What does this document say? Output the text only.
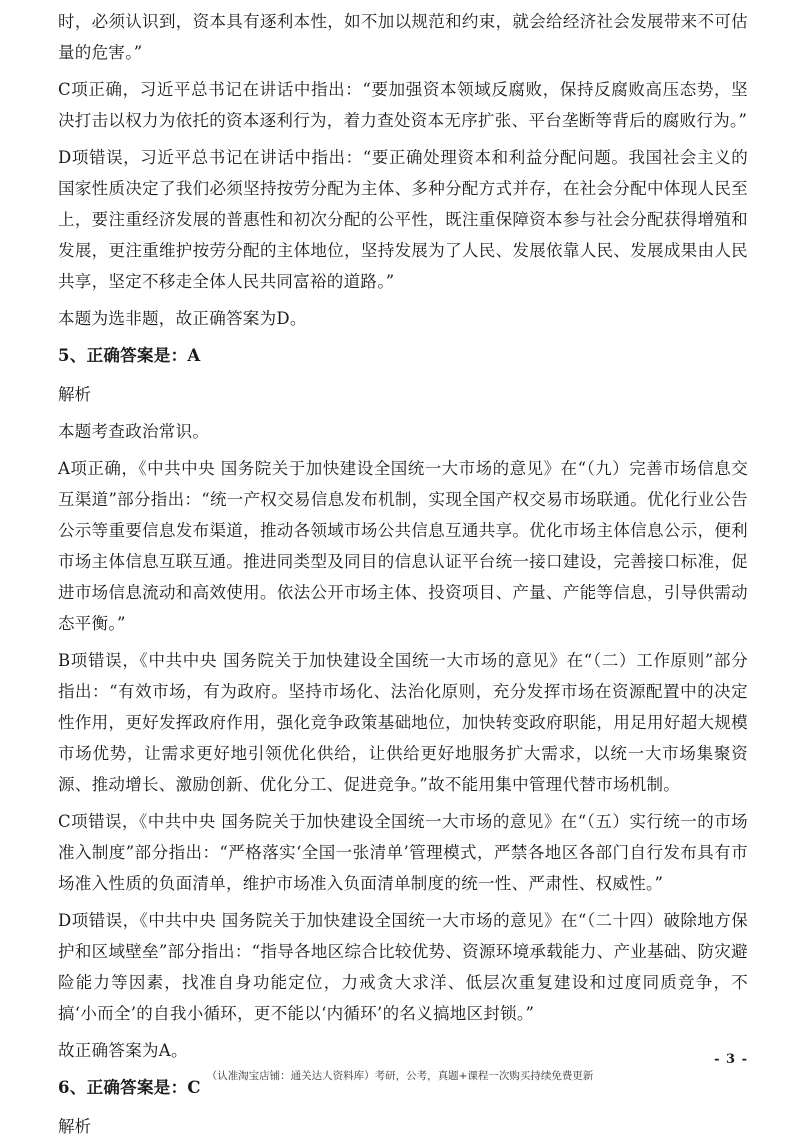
时，必须认识到，资本具有逐利本性，如不加以规范和约束，就会给经济社会发展带来不可估量的危害。”

C项正确，习近平总书记在讲话中指出：“要加强资本领域反腐败，保持反腐败高压态势，坚决打击以权力为依托的资本逐利行为，着力查处资本无序扩张、平台垄断等背后的腐败行为。”

D项错误，习近平总书记在讲话中指出：“要正确处理资本和利益分配问题。我国社会主义的国家性质决定了我们必须坚持按劳分配为主体、多种分配方式并存，在社会分配中体现人民至上，要注重经济发展的普惠性和初次分配的公平性，既注重保障资本参与社会分配获得增殖和发展，更注重维护按劳分配的主体地位，坚持发展为了人民、发展依靠人民、发展成果由人民共享，坚定不移走全体人民共同富裕的道路。”

本题为选非题，故正确答案为D。

5、正确答案是：A
解析

本题考查政治常识。

A项正确，《中共中央 国务院关于加快建设全国统一大市场的意见》在“（九）完善市场信息交互渠道”部分指出：“统一产权交易信息发布机制，实现全国产权交易市场联通。优化行业公告公示等重要信息发布渠道，推动各领域市场公共信息互通共享。优化市场主体信息公示，便利市场主体信息互联互通。推进同类型及同目的信息认证平台统一接口建设，完善接口标准，促进市场信息流动和高效使用。依法公开市场主体、投资项目、产量、产能等信息，引导供需动态平衡。”

B项错误，《中共中央 国务院关于加快建设全国统一大市场的意见》在“（二）工作原则”部分指出：“有效市场，有为政府。坚持市场化、法治化原则，充分发挥市场在资源配置中的决定性作用，更好发挥政府作用，强化竞争政策基础地位，加快转变政府职能，用足用好超大规模市场优势，让需求更好地引领优化供给，让供给更好地服务扩大需求，以统一大市场集聚资源、推动增长、激励创新、优化分工、促进竞争。”故不能用集中管理代替市场机制。

C项错误，《中共中央 国务院关于加快建设全国统一大市场的意见》在“（五）实行统一的市场准入制度”部分指出：“严格落实‘全国一张清单’管理模式，严禁各地区各部门自行发布具有市场准入性质的负面清单，维护市场准入负面清单制度的统一性、严肃性、权威性。”

D项错误，《中共中央 国务院关于加快建设全国统一大市场的意见》在“（二十四）破除地方保护和区域壁垒”部分指出：“指导各地区综合比较优势、资源环境承载能力、产业基础、防灾避险能力等因素，找准自身功能定位，力戒贪大求洋、低层次重复建设和过度同质竞争，不搞‘小而全’的自我小循环，更不能以‘内循环’的名义搞地区封锁。”

故正确答案为A。

6、正确答案是：C
解析
- 3 -
（认准淘宝店铺：通关达人资料库）考研，公考，真题+课程一次购买持续免费更新
